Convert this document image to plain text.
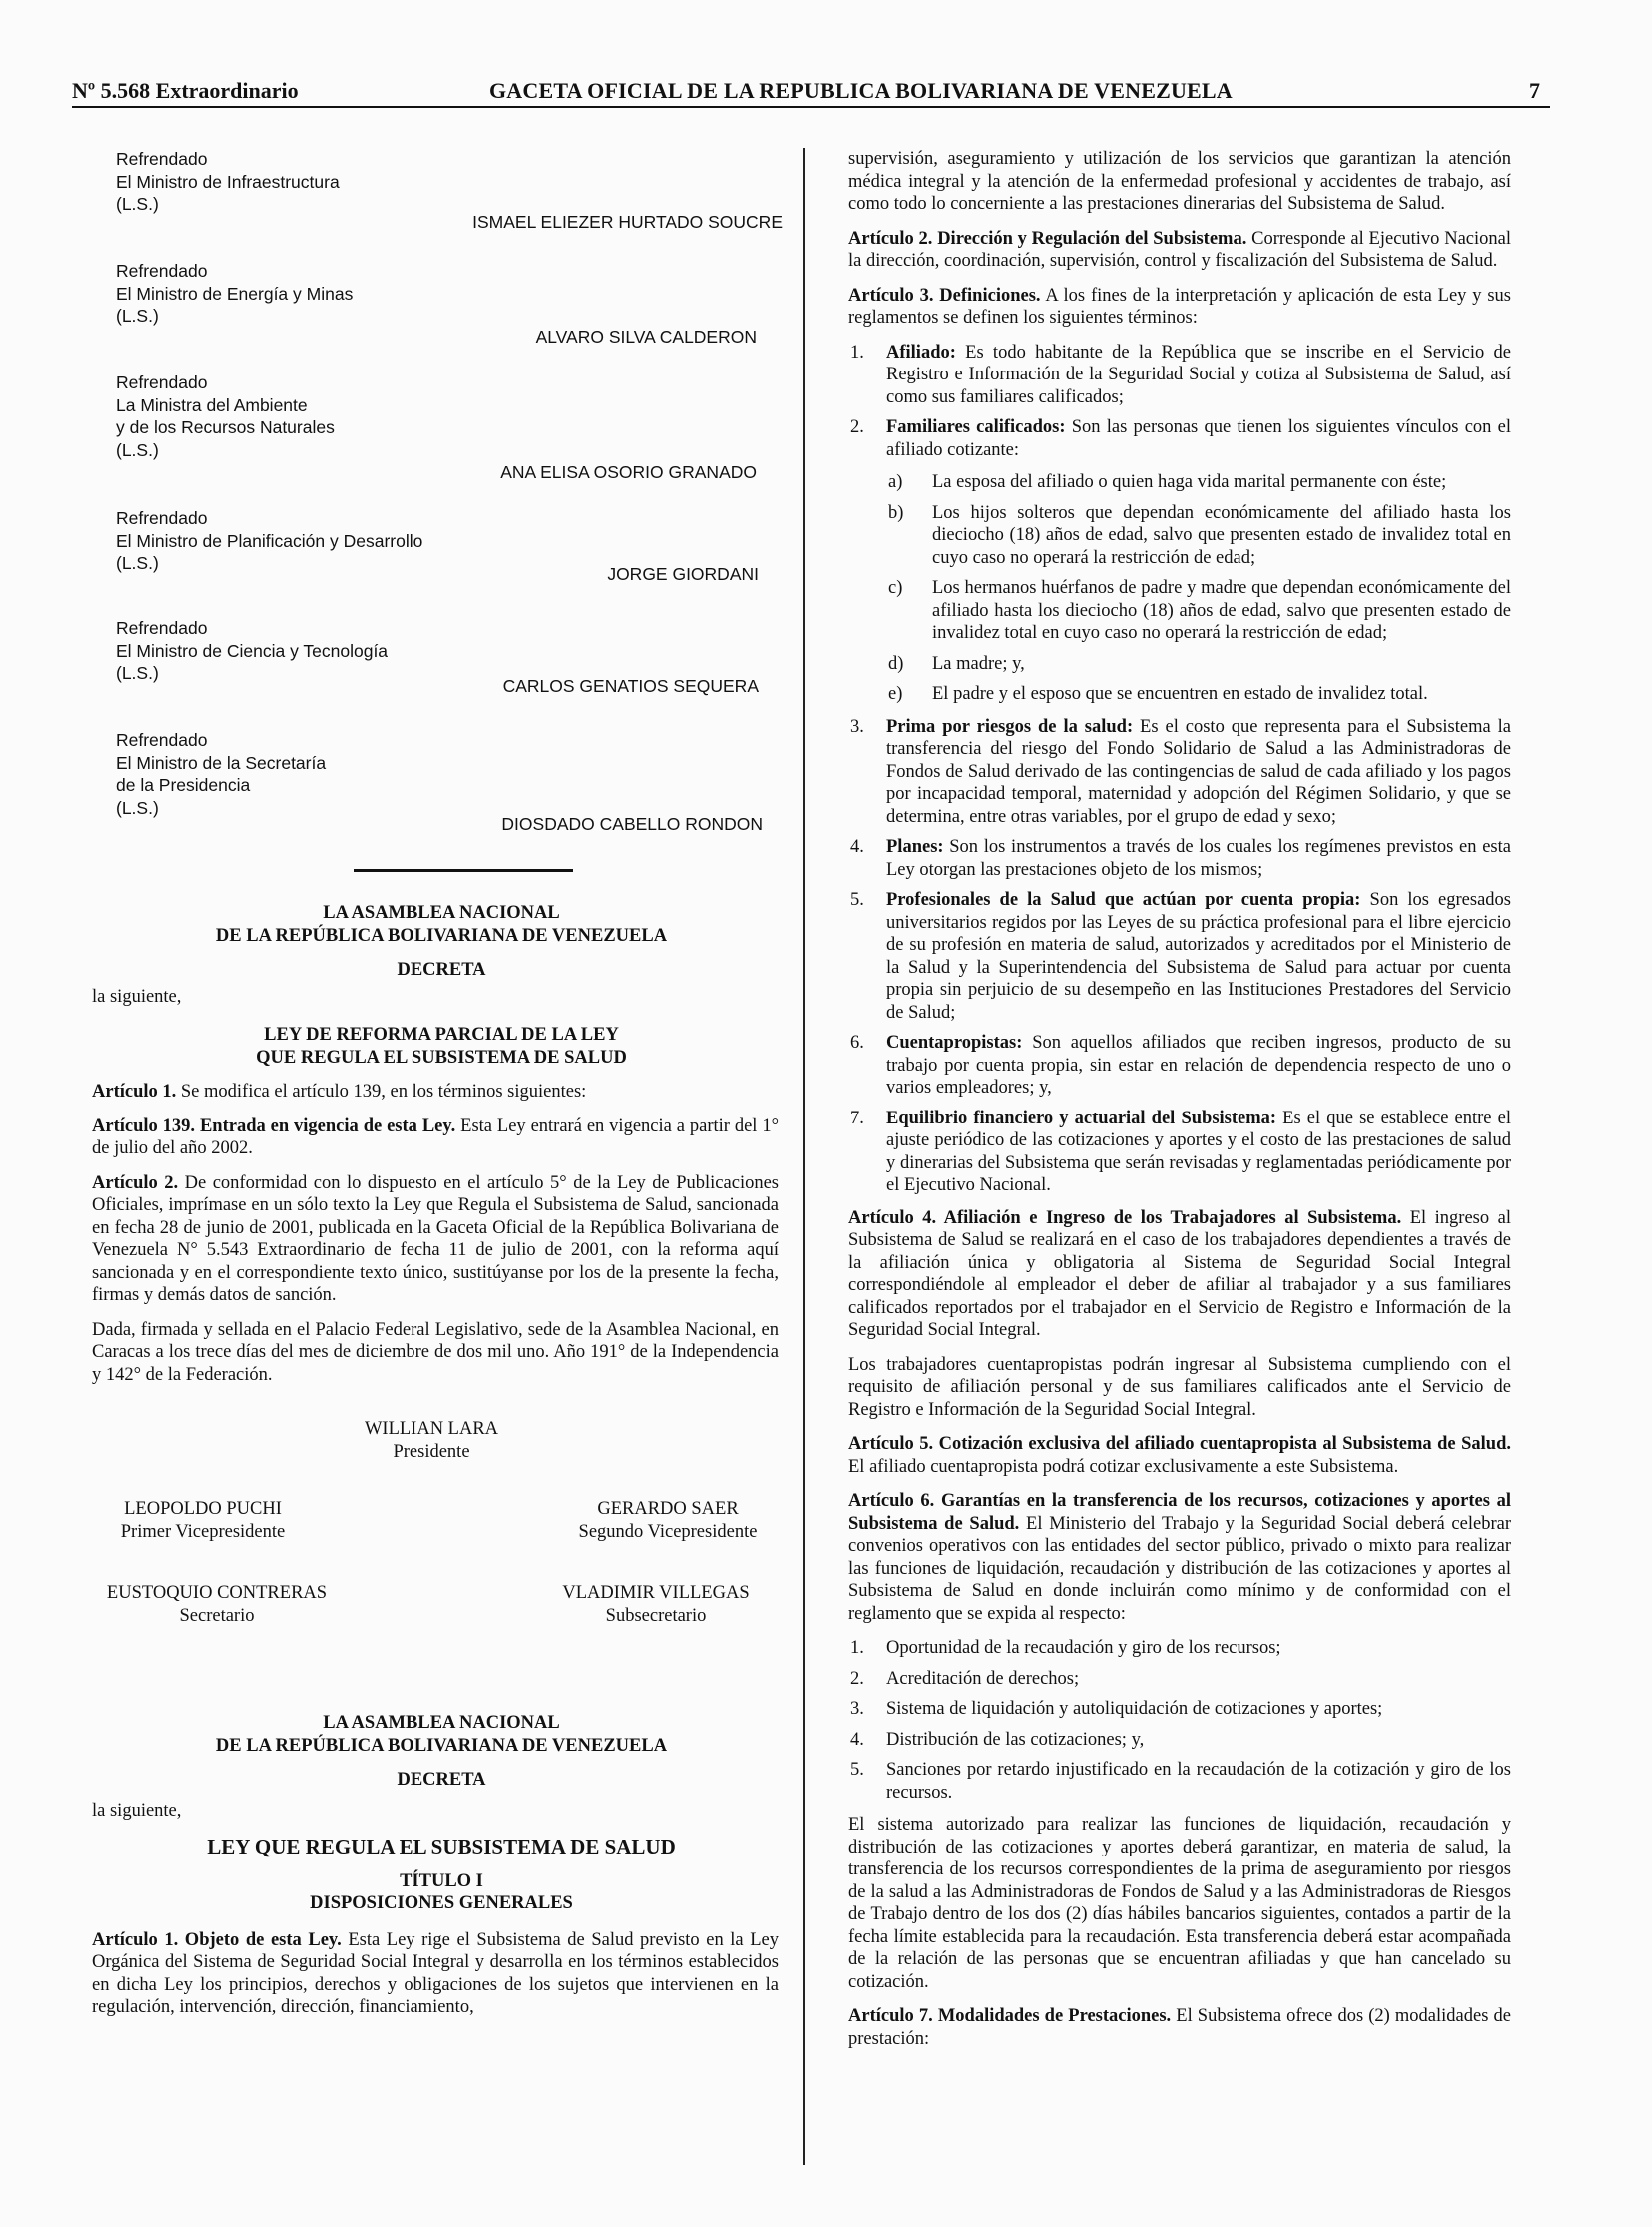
Nº 5.568 Extraordinario	GACETA OFICIAL DE LA REPUBLICA BOLIVARIANA DE VENEZUELA	7
Refrendado
El Ministro de Infraestructura
(L.S.)
ISMAEL ELIEZER HURTADO SOUCRE
Refrendado
El Ministro de Energía y Minas
(L.S.)
ALVARO SILVA CALDERON
Refrendado
La Ministra del Ambiente
y de los Recursos Naturales
(L.S.)
ANA ELISA OSORIO GRANADO
Refrendado
El Ministro de Planificación y Desarrollo
(L.S.)
JORGE GIORDANI
Refrendado
El Ministro de Ciencia y Tecnología
(L.S.)
CARLOS GENATIOS SEQUERA
Refrendado
El Ministro de la Secretaría
de la Presidencia
(L.S.)
DIOSDADO CABELLO RONDON
LA ASAMBLEA NACIONAL
DE LA REPÚBLICA BOLIVARIANA DE VENEZUELA
DECRETA
la siguiente,
LEY DE REFORMA PARCIAL DE LA LEY
QUE REGULA EL SUBSISTEMA DE SALUD

Artículo 1. Se modifica el artículo 139, en los términos siguientes:

Artículo 139. Entrada en vigencia de esta Ley. Esta Ley entrará en vigencia a partir del 1° de julio del año 2002.

Artículo 2. De conformidad con lo dispuesto en el artículo 5° de la Ley de Publicaciones Oficiales, imprímase en un sólo texto la Ley que Regula el Subsistema de Salud, sancionada en fecha 28 de junio de 2001, publicada en la Gaceta Oficial de la República Bolivariana de Venezuela N° 5.543 Extraordinario de fecha 11 de julio de 2001, con la reforma aquí sancionada y en el correspondiente texto único, sustitúyanse por los de la presente la fecha, firmas y demás datos de sanción.

Dada, firmada y sellada en el Palacio Federal Legislativo, sede de la Asamblea Nacional, en Caracas a los trece días del mes de diciembre de dos mil uno. Año 191° de la Independencia y 142° de la Federación.

WILLIAN LARA
Presidente
LEOPOLDO PUCHI
Primer Vicepresidente
GERARDO SAER
Segundo Vicepresidente
EUSTOQUIO CONTRERAS
Secretario
VLADIMIR VILLEGAS
Subsecretario
LA ASAMBLEA NACIONAL
DE LA REPÚBLICA BOLIVARIANA DE VENEZUELA
DECRETA
la siguiente,
LEY QUE REGULA EL SUBSISTEMA DE SALUD
TÍTULO I
DISPOSICIONES GENERALES

Artículo 1. Objeto de esta Ley. Esta Ley rige el Subsistema de Salud previsto en la Ley Orgánica del Sistema de Seguridad Social Integral y desarrolla en los términos establecidos en dicha Ley los principios, derechos y obligaciones de los sujetos que intervienen en la regulación, intervención, dirección, financiamiento,

supervisión, aseguramiento y utilización de los servicios que garantizan la atención médica integral y la atención de la enfermedad profesional y accidentes de trabajo, así como todo lo concerniente a las prestaciones dinerarias del Subsistema de Salud.

Artículo 2. Dirección y Regulación del Subsistema. Corresponde al Ejecutivo Nacional la dirección, coordinación, supervisión, control y fiscalización del Subsistema de Salud.

Artículo 3. Definiciones. A los fines de la interpretación y aplicación de esta Ley y sus reglamentos se definen los siguientes términos:

1. Afiliado: Es todo habitante de la República que se inscribe en el Servicio de Registro e Información de la Seguridad Social y cotiza al Subsistema de Salud, así como sus familiares calificados;
2. Familiares calificados: Son las personas que tienen los siguientes vínculos con el afiliado cotizante:
a) La esposa del afiliado o quien haga vida marital permanente con éste;
b) Los hijos solteros que dependan económicamente del afiliado hasta los dieciocho (18) años de edad, salvo que presenten estado de invalidez total en cuyo caso no operará la restricción de edad;
c) Los hermanos huérfanos de padre y madre que dependan económicamente del afiliado hasta los dieciocho (18) años de edad, salvo que presenten estado de invalidez total en cuyo caso no operará la restricción de edad;
d) La madre; y,
e) El padre y el esposo que se encuentren en estado de invalidez total.
3. Prima por riesgos de la salud: Es el costo que representa para el Subsistema la transferencia del riesgo del Fondo Solidario de Salud a las Administradoras de Fondos de Salud derivado de las contingencias de salud de cada afiliado y los pagos por incapacidad temporal, maternidad y adopción del Régimen Solidario, y que se determina, entre otras variables, por el grupo de edad y sexo;
4. Planes: Son los instrumentos a través de los cuales los regímenes previstos en esta Ley otorgan las prestaciones objeto de los mismos;
5. Profesionales de la Salud que actúan por cuenta propia: Son los egresados universitarios regidos por las Leyes de su práctica profesional para el libre ejercicio de su profesión en materia de salud, autorizados y acreditados por el Ministerio de la Salud y la Superintendencia del Subsistema de Salud para actuar por cuenta propia sin perjuicio de su desempeño en las Instituciones Prestadores del Servicio de Salud;
6. Cuentapropistas: Son aquellos afiliados que reciben ingresos, producto de su trabajo por cuenta propia, sin estar en relación de dependencia respecto de uno o varios empleadores; y,
7. Equilibrio financiero y actuarial del Subsistema: Es el que se establece entre el ajuste periódico de las cotizaciones y aportes y el costo de las prestaciones de salud y dinerarias del Subsistema que serán revisadas y reglamentadas periódicamente por el Ejecutivo Nacional.

Artículo 4. Afiliación e Ingreso de los Trabajadores al Subsistema. El ingreso al Subsistema de Salud se realizará en el caso de los trabajadores dependientes a través de la afiliación única y obligatoria al Sistema de Seguridad Social Integral correspondiéndole al empleador el deber de afiliar al trabajador y a sus familiares calificados reportados por el trabajador en el Servicio de Registro e Información de la Seguridad Social Integral.

Los trabajadores cuentapropistas podrán ingresar al Subsistema cumpliendo con el requisito de afiliación personal y de sus familiares calificados ante el Servicio de Registro e Información de la Seguridad Social Integral.

Artículo 5. Cotización exclusiva del afiliado cuentapropista al Subsistema de Salud. El afiliado cuentapropista podrá cotizar exclusivamente a este Subsistema.

Artículo 6. Garantías en la transferencia de los recursos, cotizaciones y aportes al Subsistema de Salud. El Ministerio del Trabajo y la Seguridad Social deberá celebrar convenios operativos con las entidades del sector público, privado o mixto para realizar las funciones de liquidación, recaudación y distribución de las cotizaciones y aportes al Subsistema de Salud en donde incluirán como mínimo y de conformidad con el reglamento que se expida al respecto:

1. Oportunidad de la recaudación y giro de los recursos;
2. Acreditación de derechos;
3. Sistema de liquidación y autoliquidación de cotizaciones y aportes;
4. Distribución de las cotizaciones; y,
5. Sanciones por retardo injustificado en la recaudación de la cotización y giro de los recursos.

El sistema autorizado para realizar las funciones de liquidación, recaudación y distribución de las cotizaciones y aportes deberá garantizar, en materia de salud, la transferencia de los recursos correspondientes de la prima de aseguramiento por riesgos de la salud a las Administradoras de Fondos de Salud y a las Administradoras de Riesgos de Trabajo dentro de los dos (2) días hábiles bancarios siguientes, contados a partir de la fecha límite establecida para la recaudación. Esta transferencia deberá estar acompañada de la relación de las personas que se encuentran afiliadas y que han cancelado su cotización.

Artículo 7. Modalidades de Prestaciones. El Subsistema ofrece dos (2) modalidades de prestación:
